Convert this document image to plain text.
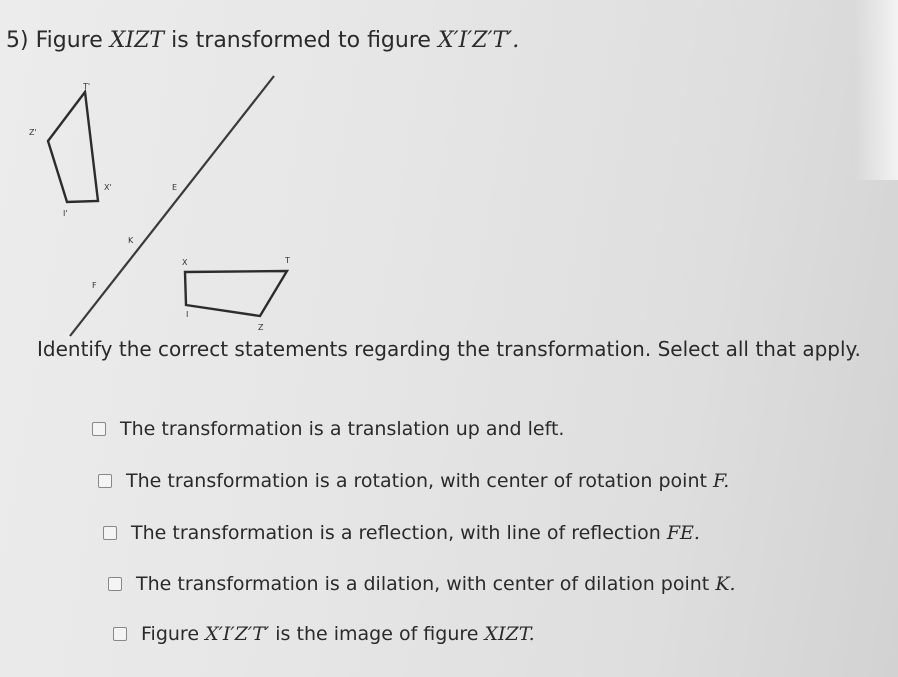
5) Figure XIZT is transformed to figure X′I′Z′T′.
T'
Z'
X'
I'
E
K
F
X	T
I
Z
Identify the correct statements regarding the transformation. Select all that apply.
The transformation is a translation up and left.
The transformation is a rotation, with center of rotation point
F.
The transformation is a reflection, with line of reflection
FE.
The transformation is a dilation, with center of dilation point
K.
Figure
X′I′Z′T′
is the image of figure
XIZT.
